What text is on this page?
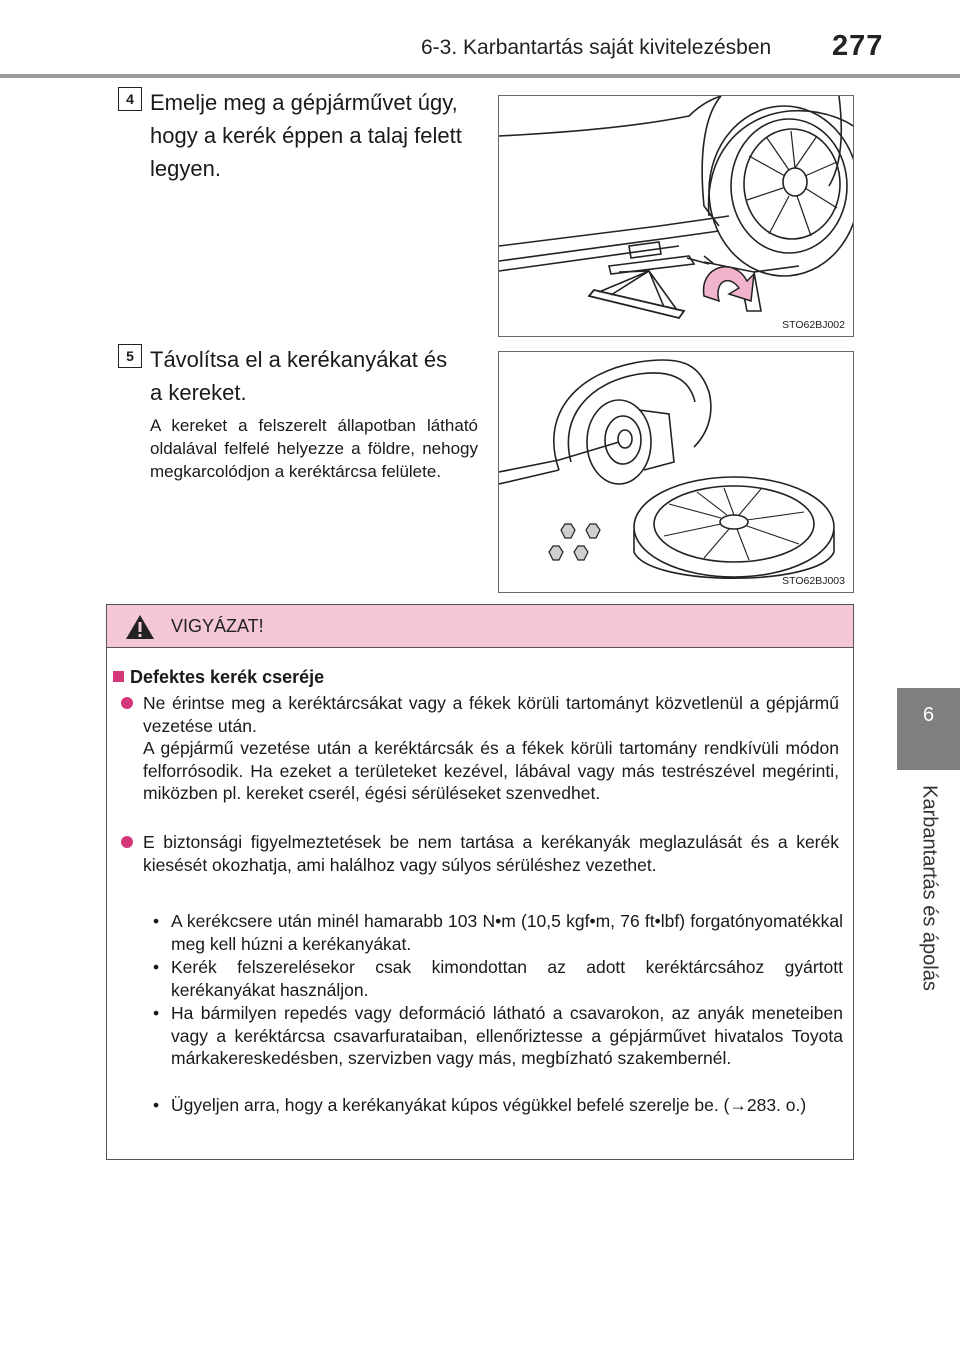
6-3. Karbantartás saját kivitelezésben 277
6
Karbantartás és ápolás
4 Emelje meg a gépjárművet úgy,
hogy a kerék éppen a talaj felett
legyen.
STO62BJ002
5 Távolítsa el a kerékanyákat és
a kereket.
A kereket a felszerelt állapotban látható oldalával felfelé helyezze a földre, nehogy megkarcolódjon a keréktárcsa felülete.
STO62BJ003
VIGYÁZAT!
Defektes kerék cseréje
Ne érintse meg a keréktárcsákat vagy a fékek körüli tartományt közvetlenül a gépjármű vezetése után.
A gépjármű vezetése után a keréktárcsák és a fékek körüli tartomány rendkívüli módon felforrósodik. Ha ezeket a területeket kezével, lábával vagy más testrészével megérinti, miközben pl. kereket cserél, égési sérüléseket szenvedhet.
E biztonsági figyelmeztetések be nem tartása a kerékanyák meglazulását és a kerék kiesését okozhatja, ami halálhoz vagy súlyos sérüléshez vezethet.
• A kerékcsere után minél hamarabb 103 N•m (10,5 kgf•m, 76 ft•lbf) forgatónyomatékkal meg kell húzni a kerékanyákat.
• Kerék felszerelésekor csak kimondottan az adott keréktárcsához gyártott kerékanyákat használjon.
• Ha bármilyen repedés vagy deformáció látható a csavarokon, az anyák meneteiben vagy a keréktárcsa csavarfurataiban, ellenőriztesse a gépjárművet hivatalos Toyota márkakereskedésben, szervizben vagy más, megbízható szakembernél.
• Ügyeljen arra, hogy a kerékanyákat kúpos végükkel befelé szerelje be. (→283. o.)
